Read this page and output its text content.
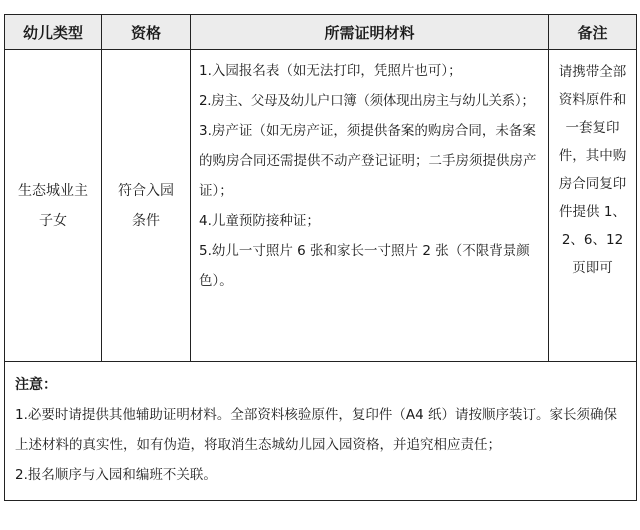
幼儿类型	资格	所需证明材料	备注
生态城业主子女	符合入园条件	1.入园报名表（如无法打印，凭照片也可）；
2.房主、父母及幼儿户口簿（须体现出房主与幼儿关系）；
3.房产证（如无房产证，须提供备案的购房合同，未备案的购房合同还需提供不动产登记证明；二手房须提供房产证）；
4.儿童预防接种证；
5.幼儿一寸照片 6 张和家长一寸照片 2 张（不限背景颜色）。	请携带全部资料原件和一套复印件，其中购房合同复印件提供 1、2、6、12 页即可

注意：
1.必要时请提供其他辅助证明材料。全部资料核验原件，复印件（A4 纸）请按顺序装订。家长须确保上述材料的真实性，如有伪造，将取消生态城幼儿园入园资格，并追究相应责任；
2.报名顺序与入园和编班不关联。			
